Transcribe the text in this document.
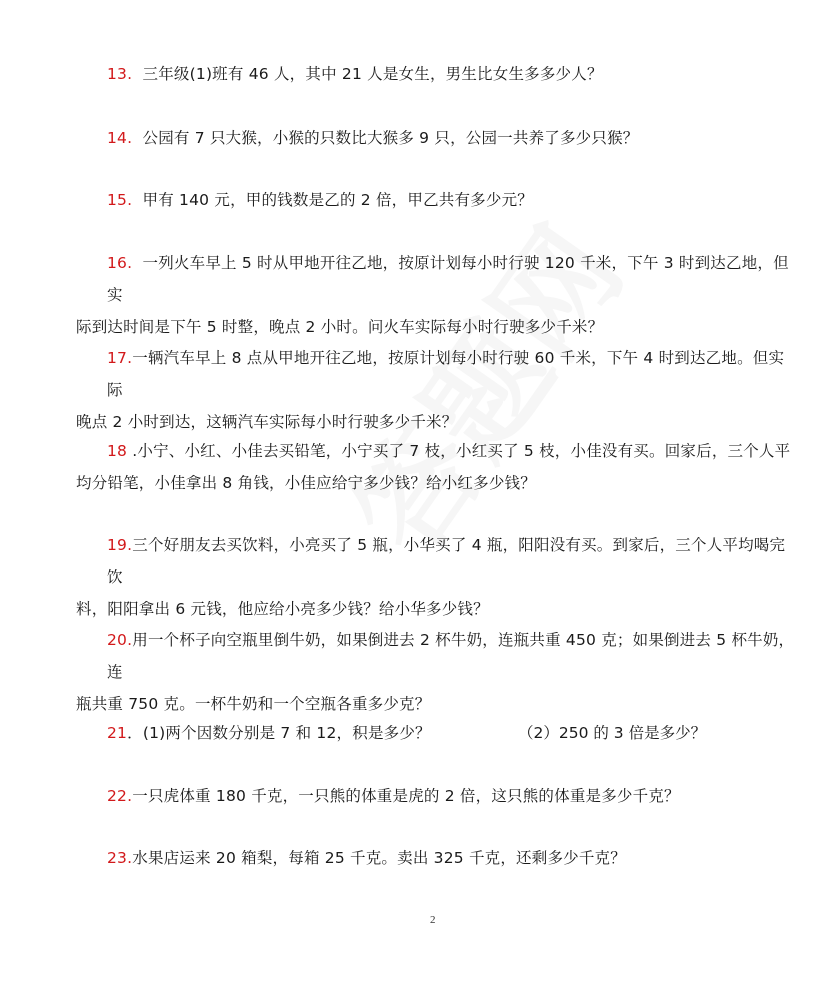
13. 三年级(1)班有 46 人，其中 21 人是女生，男生比女生多多少人？
14. 公园有 7 只大猴，小猴的只数比大猴多 9 只，公园一共养了多少只猴？
15. 甲有 140 元，甲的钱数是乙的 2 倍，甲乙共有多少元？
16. 一列火车早上 5 时从甲地开往乙地，按原计划每小时行驶 120 千米，下午 3 时到达乙地，但实
际到达时间是下午 5 时整，晚点 2 小时。问火车实际每小时行驶多少千米？
17.一辆汽车早上 8 点从甲地开往乙地，按原计划每小时行驶 60 千米，下午 4 时到达乙地。但实际
晚点 2 小时到达，这辆汽车实际每小时行驶多少千米？
18 .小宁、小红、小佳去买铅笔，小宁买了 7 枝，小红买了 5 枝，小佳没有买。回家后，三个人平
均分铅笔，小佳拿出 8 角钱，小佳应给宁多少钱？给小红多少钱？
19.三个好朋友去买饮料，小亮买了 5 瓶，小华买了 4 瓶，阳阳没有买。到家后，三个人平均喝完饮
料，阳阳拿出 6 元钱，他应给小亮多少钱？给小华多少钱？
20.用一个杯子向空瓶里倒牛奶，如果倒进去 2 杯牛奶，连瓶共重 450 克；如果倒进去 5 杯牛奶，连
瓶共重 750 克。一杯牛奶和一个空瓶各重多少克？
21．(1)两个因数分别是 7 和 12，积是多少？	（2）250 的 3 倍是多少？
22.一只虎体重 180 千克，一只熊的体重是虎的 2 倍，这只熊的体重是多少千克？
23.水果店运来 20 箱梨，每箱 25 千克。卖出 325 千克，还剩多少千克？
2
